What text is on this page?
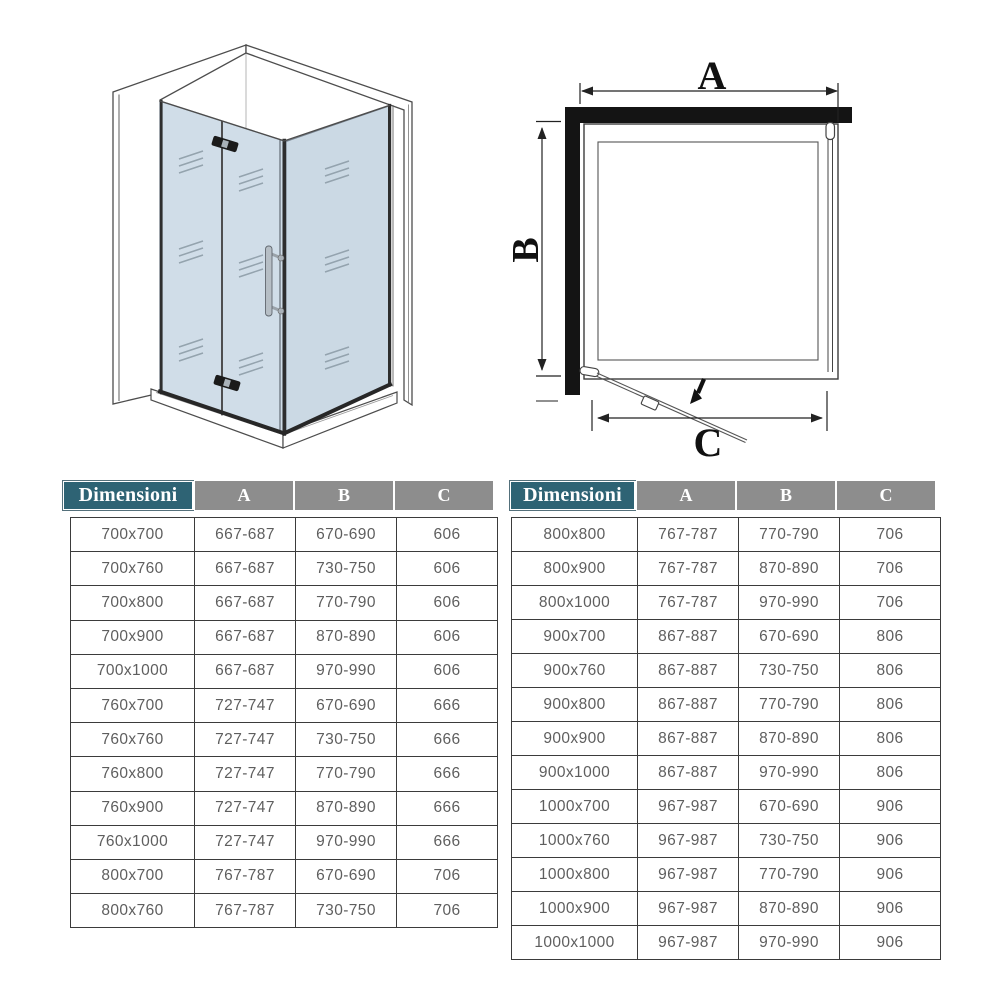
A
B
C
Dimensioni	A	B	C
700x700	667-687	670-690	606
700x760	667-687	730-750	606
700x800	667-687	770-790	606
700x900	667-687	870-890	606
700x1000	667-687	970-990	606
760x700	727-747	670-690	666
760x760	727-747	730-750	666
760x800	727-747	770-790	666
760x900	727-747	870-890	666
760x1000	727-747	970-990	666
800x700	767-787	670-690	706
800x760	767-787	730-750	706
Dimensioni	A	B	C
800x800	767-787	770-790	706
800x900	767-787	870-890	706
800x1000	767-787	970-990	706
900x700	867-887	670-690	806
900x760	867-887	730-750	806
900x800	867-887	770-790	806
900x900	867-887	870-890	806
900x1000	867-887	970-990	806
1000x700	967-987	670-690	906
1000x760	967-987	730-750	906
1000x800	967-987	770-790	906
1000x900	967-987	870-890	906
1000x1000	967-987	970-990	906
